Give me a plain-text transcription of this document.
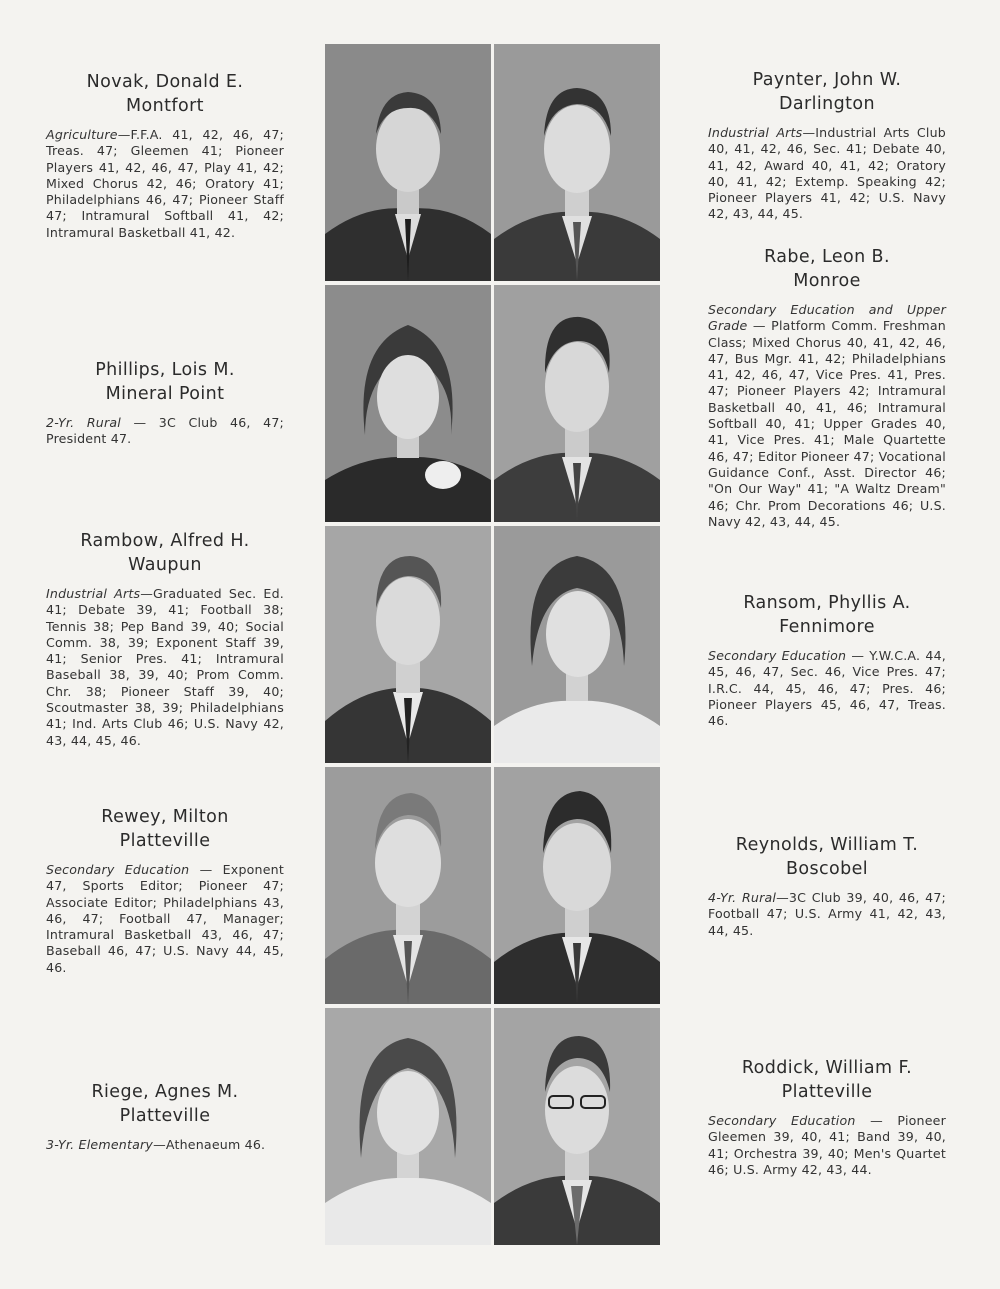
Novak, Donald E.
Montfort
Agriculture—F.F.A. 41, 42, 46, 47; Treas. 47; Gleemen 41; Pioneer Players 41, 42, 46, 47, Play 41, 42; Mixed Chorus 42, 46; Oratory 41; Philadelphians 46, 47; Pioneer Staff 47; Intramural Softball 41, 42; Intramural Basketball 41, 42.
Phillips, Lois M.
Mineral Point
2-Yr. Rural — 3C Club 46, 47; President 47.
Rambow, Alfred H.
Waupun
Industrial Arts—Graduated Sec. Ed. 41; Debate 39, 41; Football 38; Tennis 38; Pep Band 39, 40; Social Comm. 38, 39; Exponent Staff 39, 41; Senior Pres. 41; Intramural Baseball 38, 39, 40; Prom Comm. Chr. 38; Pioneer Staff 39, 40; Scoutmaster 38, 39; Philadelphians 41; Ind. Arts Club 46; U.S. Navy 42, 43, 44, 45, 46.
Rewey, Milton
Platteville
Secondary Education — Exponent 47, Sports Editor; Pioneer 47; Associate Editor; Philadelphians 43, 46, 47; Football 47, Manager; Intramural Basketball 43, 46, 47; Baseball 46, 47; U.S. Navy 44, 45, 46.
Riege, Agnes M.
Platteville
3-Yr. Elementary—Athenaeum 46.
Paynter, John W.
Darlington
Industrial Arts—Industrial Arts Club 40, 41, 42, 46, Sec. 41; Debate 40, 41, 42, Award 40, 41, 42; Oratory 40, 41, 42; Extemp. Speaking 42; Pioneer Players 41, 42; U.S. Navy 42, 43, 44, 45.
Rabe, Leon B.
Monroe
Secondary Education and Upper Grade — Platform Comm. Freshman Class; Mixed Chorus 40, 41, 42, 46, 47, Bus Mgr. 41, 42; Philadelphians 41, 42, 46, 47, Vice Pres. 41, Pres. 47; Pioneer Players 42; Intramural Basketball 40, 41, 46; Intramural Softball 40, 41; Upper Grades 40, 41, Vice Pres. 41; Male Quartette 46, 47; Editor Pioneer 47; Vocational Guidance Conf., Asst. Director 46; "On Our Way" 41; "A Waltz Dream" 46; Chr. Prom Decorations 46; U.S. Navy 42, 43, 44, 45.
Ransom, Phyllis A.
Fennimore
Secondary Education — Y.W.C.A. 44, 45, 46, 47, Sec. 46, Vice Pres. 47; I.R.C. 44, 45, 46, 47; Pres. 46; Pioneer Players 45, 46, 47, Treas. 46.
Reynolds, William T.
Boscobel
4-Yr. Rural—3C Club 39, 40, 46, 47; Football 47; U.S. Army 41, 42, 43, 44, 45.
Roddick, William F.
Platteville
Secondary Education — Pioneer Gleemen 39, 40, 41; Band 39, 40, 41; Orchestra 39, 40; Men's Quartet 46; U.S. Army 42, 43, 44.
